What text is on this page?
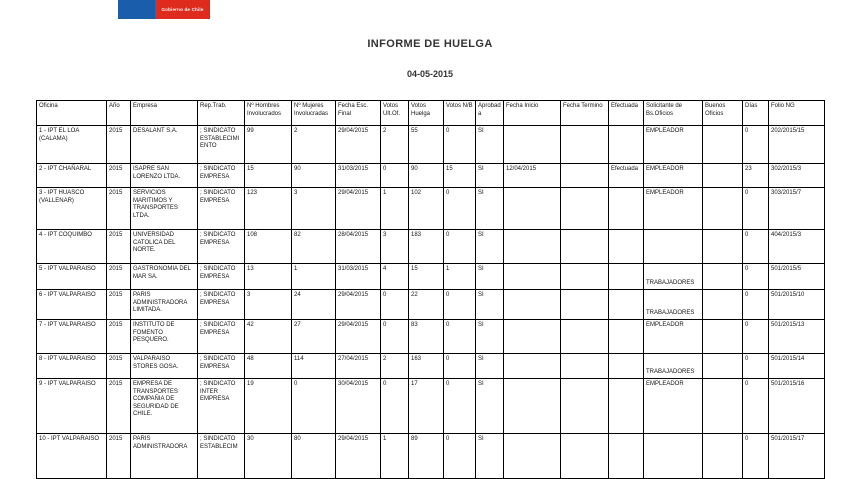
Gobierno de Chile
INFORME DE HUELGA
04-05-2015
Oficina	Año	Empresa	Rep.Trab.	Nº Hombres Involucrados	Nº Mujeres Involucradas	Fecha Esc. Final	Votos Ult.Of.	Votos Huelga	Votos N/B	Aprobada	Fecha Inicio	Fecha Termino	Efectuada	Solicitante de Bs.Oficios	Buenos Oficios	Días	Folio NG
1 - IPT EL LOA (CALAMA)	2015	DESALANT S.A.	; SINDICATO ESTABLECIMIENTO	99	2	29/04/2015	2	55	0	SI				EMPLEADOR		0	202/2015/15
2 - IPT CHAÑARAL	2015	ISAPRE SAN LORENZO LTDA.	; SINDICATO EMPRESA	15	90	31/03/2015	0	90	15	SI	12/04/2015		Efectuada	EMPLEADOR		23	302/2015/3
3 - IPT HUASCO (VALLENAR)	2015	SERVICIOS MARITIMOS Y TRANSPORTES LTDA.	; SINDICATO EMPRESA	123	3	29/04/2015	1	102	0	SI				EMPLEADOR		0	303/2015/7
4 - IPT COQUIMBO	2015	UNIVERSIDAD CATOLICA DEL NORTE.	; SINDICATO EMPRESA	108	82	28/04/2015	3	183	0	SI						0	404/2015/3
5 - IPT VALPARAISO	2015	GASTRONOMIA DEL MAR SA.	; SINDICATO EMPRESA	13	1	31/03/2015	4	15	1	SI				TRABAJADORES		0	501/2015/5
6 - IPT VALPARAISO	2015	PARIS ADMINISTRADORA LIMITADA.	; SINDICATO EMPRESA	3	24	29/04/2015	0	22	0	SI				TRABAJADORES		0	501/2015/10
7 - IPT VALPARAISO	2015	INSTITUTO DE FOMENTO PESQUERO.	; SINDICATO EMPRESA	42	27	29/04/2015	0	83	0	SI				EMPLEADOR		0	501/2015/13
8 - IPT VALPARAISO	2015	VALPARAISO STORES GOSA.	; SINDICATO EMPRESA	48	114	27/04/2015	2	163	0	SI				TRABAJADORES		0	501/2015/14
9 - IPT VALPARAISO	2015	EMPRESA DE TRANSPORTES COMPAÑIA DE SEGURIDAD DE CHILE.	; SINDICATO INTER EMPRESA	19	0	30/04/2015	0	17	0	SI				EMPLEADOR		0	501/2015/16
10 - IPT VALPARAISO	2015	PARIS ADMINISTRADORA	; SINDICATO ESTABLECIM	30	80	29/04/2015	1	89	0	SI						0	501/2015/17
